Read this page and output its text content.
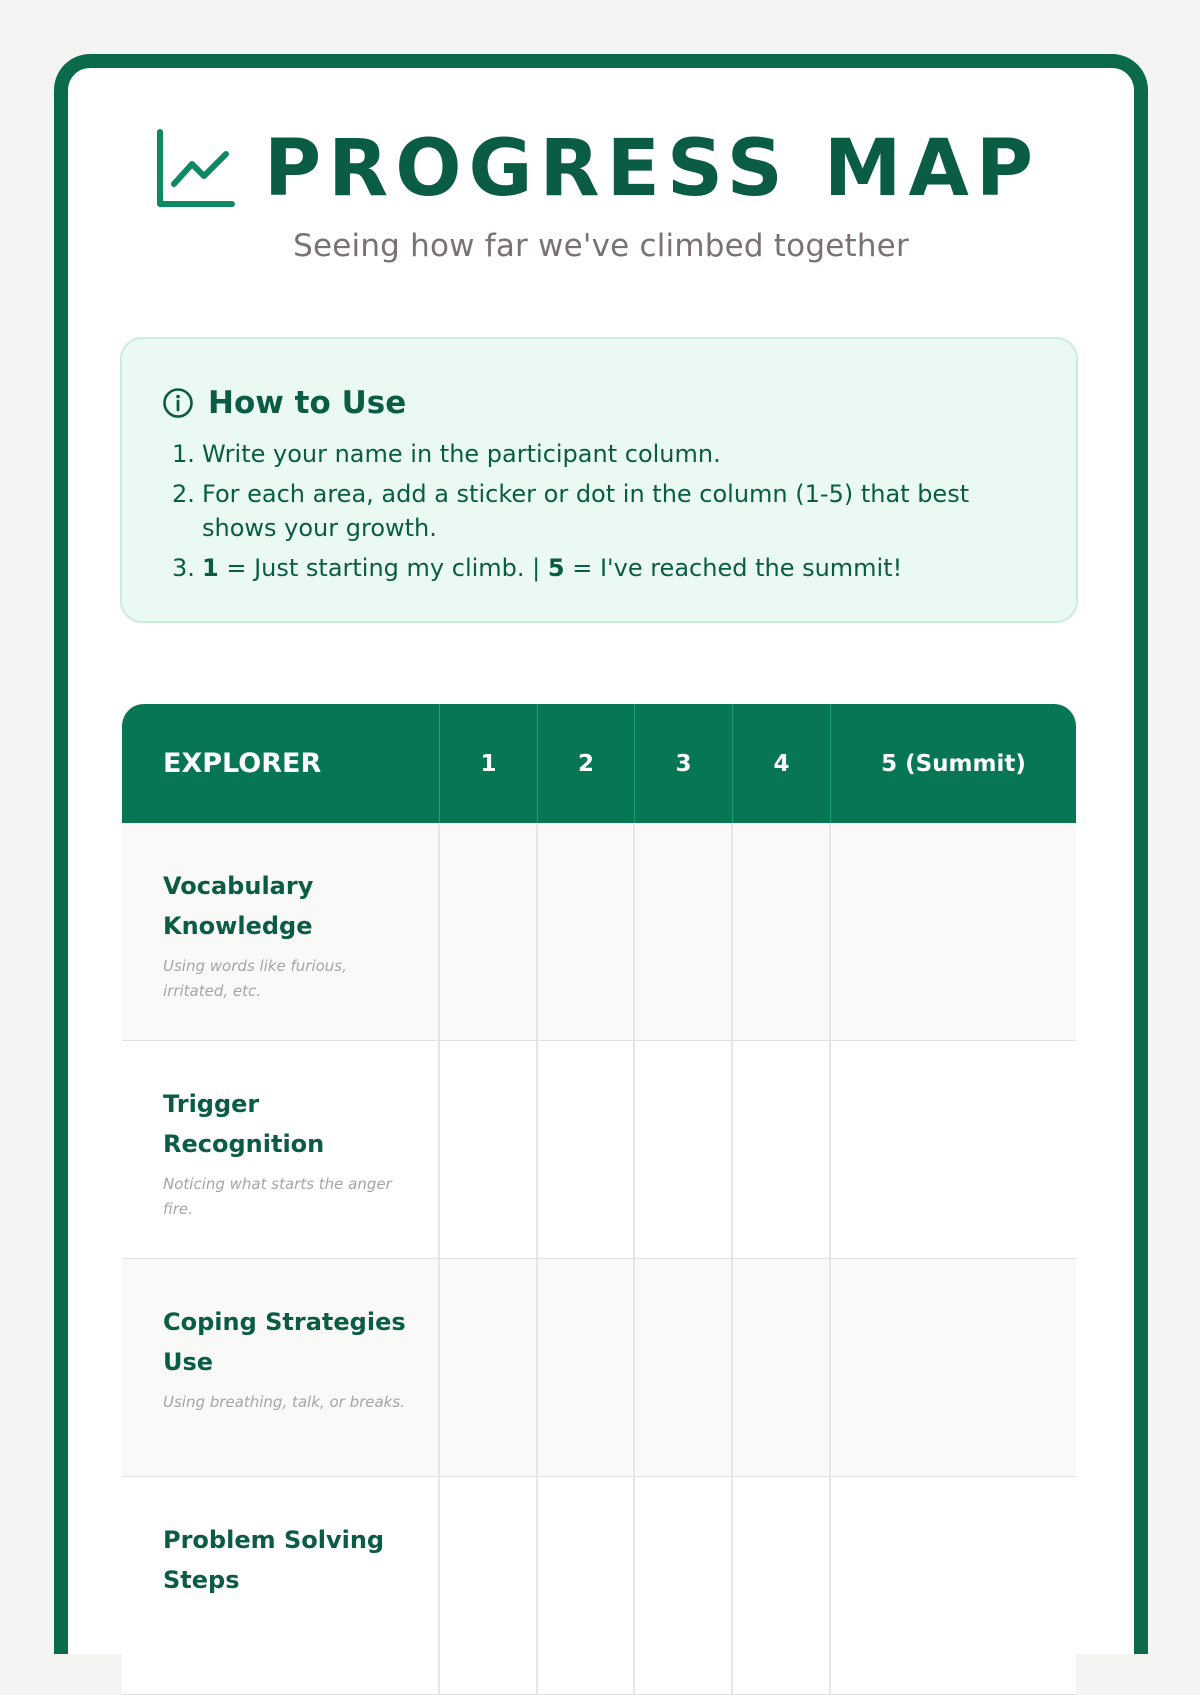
PROGRESS MAP
Seeing how far we've climbed together
How to Use
1. Write your name in the participant column.
2. For each area, add a sticker or dot in the column (1-5) that best shows your growth.
3. 1 = Just starting my climb. | 5 = I've reached the summit!
EXPLORER	1	2	3	4	5 (Summit)
Vocabulary Knowledge
Using words like furious, irritated, etc.
Trigger Recognition
Noticing what starts the anger fire.
Coping Strategies Use
Using breathing, talk, or breaks.
Problem Solving Steps
